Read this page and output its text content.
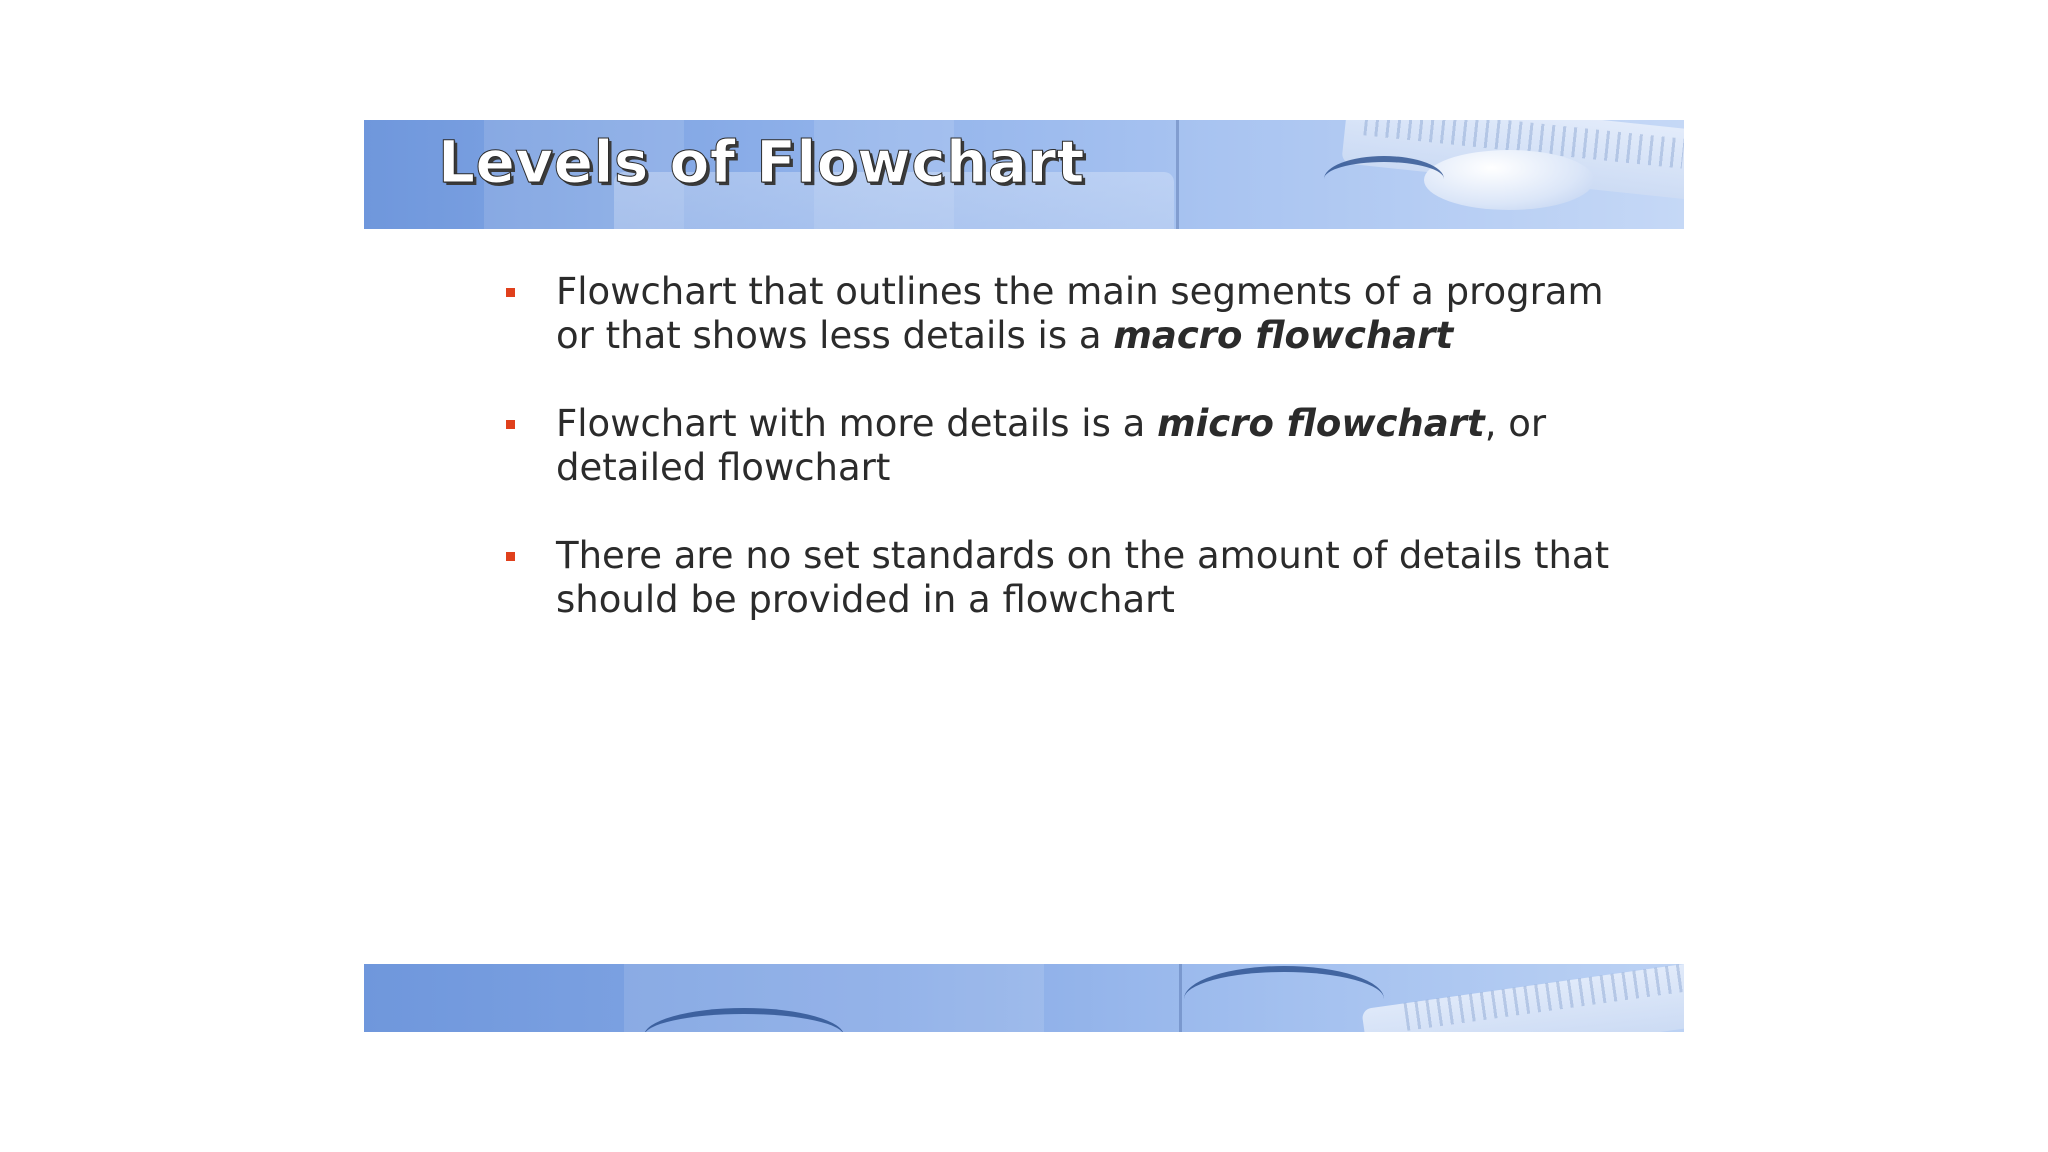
Levels of Flowchart
Flowchart that outlines the main segments of a program or that shows less details is a macro flowchart
Flowchart with more details is a micro flowchart, or detailed flowchart
There are no set standards on the amount of details that should be provided in a flowchart
